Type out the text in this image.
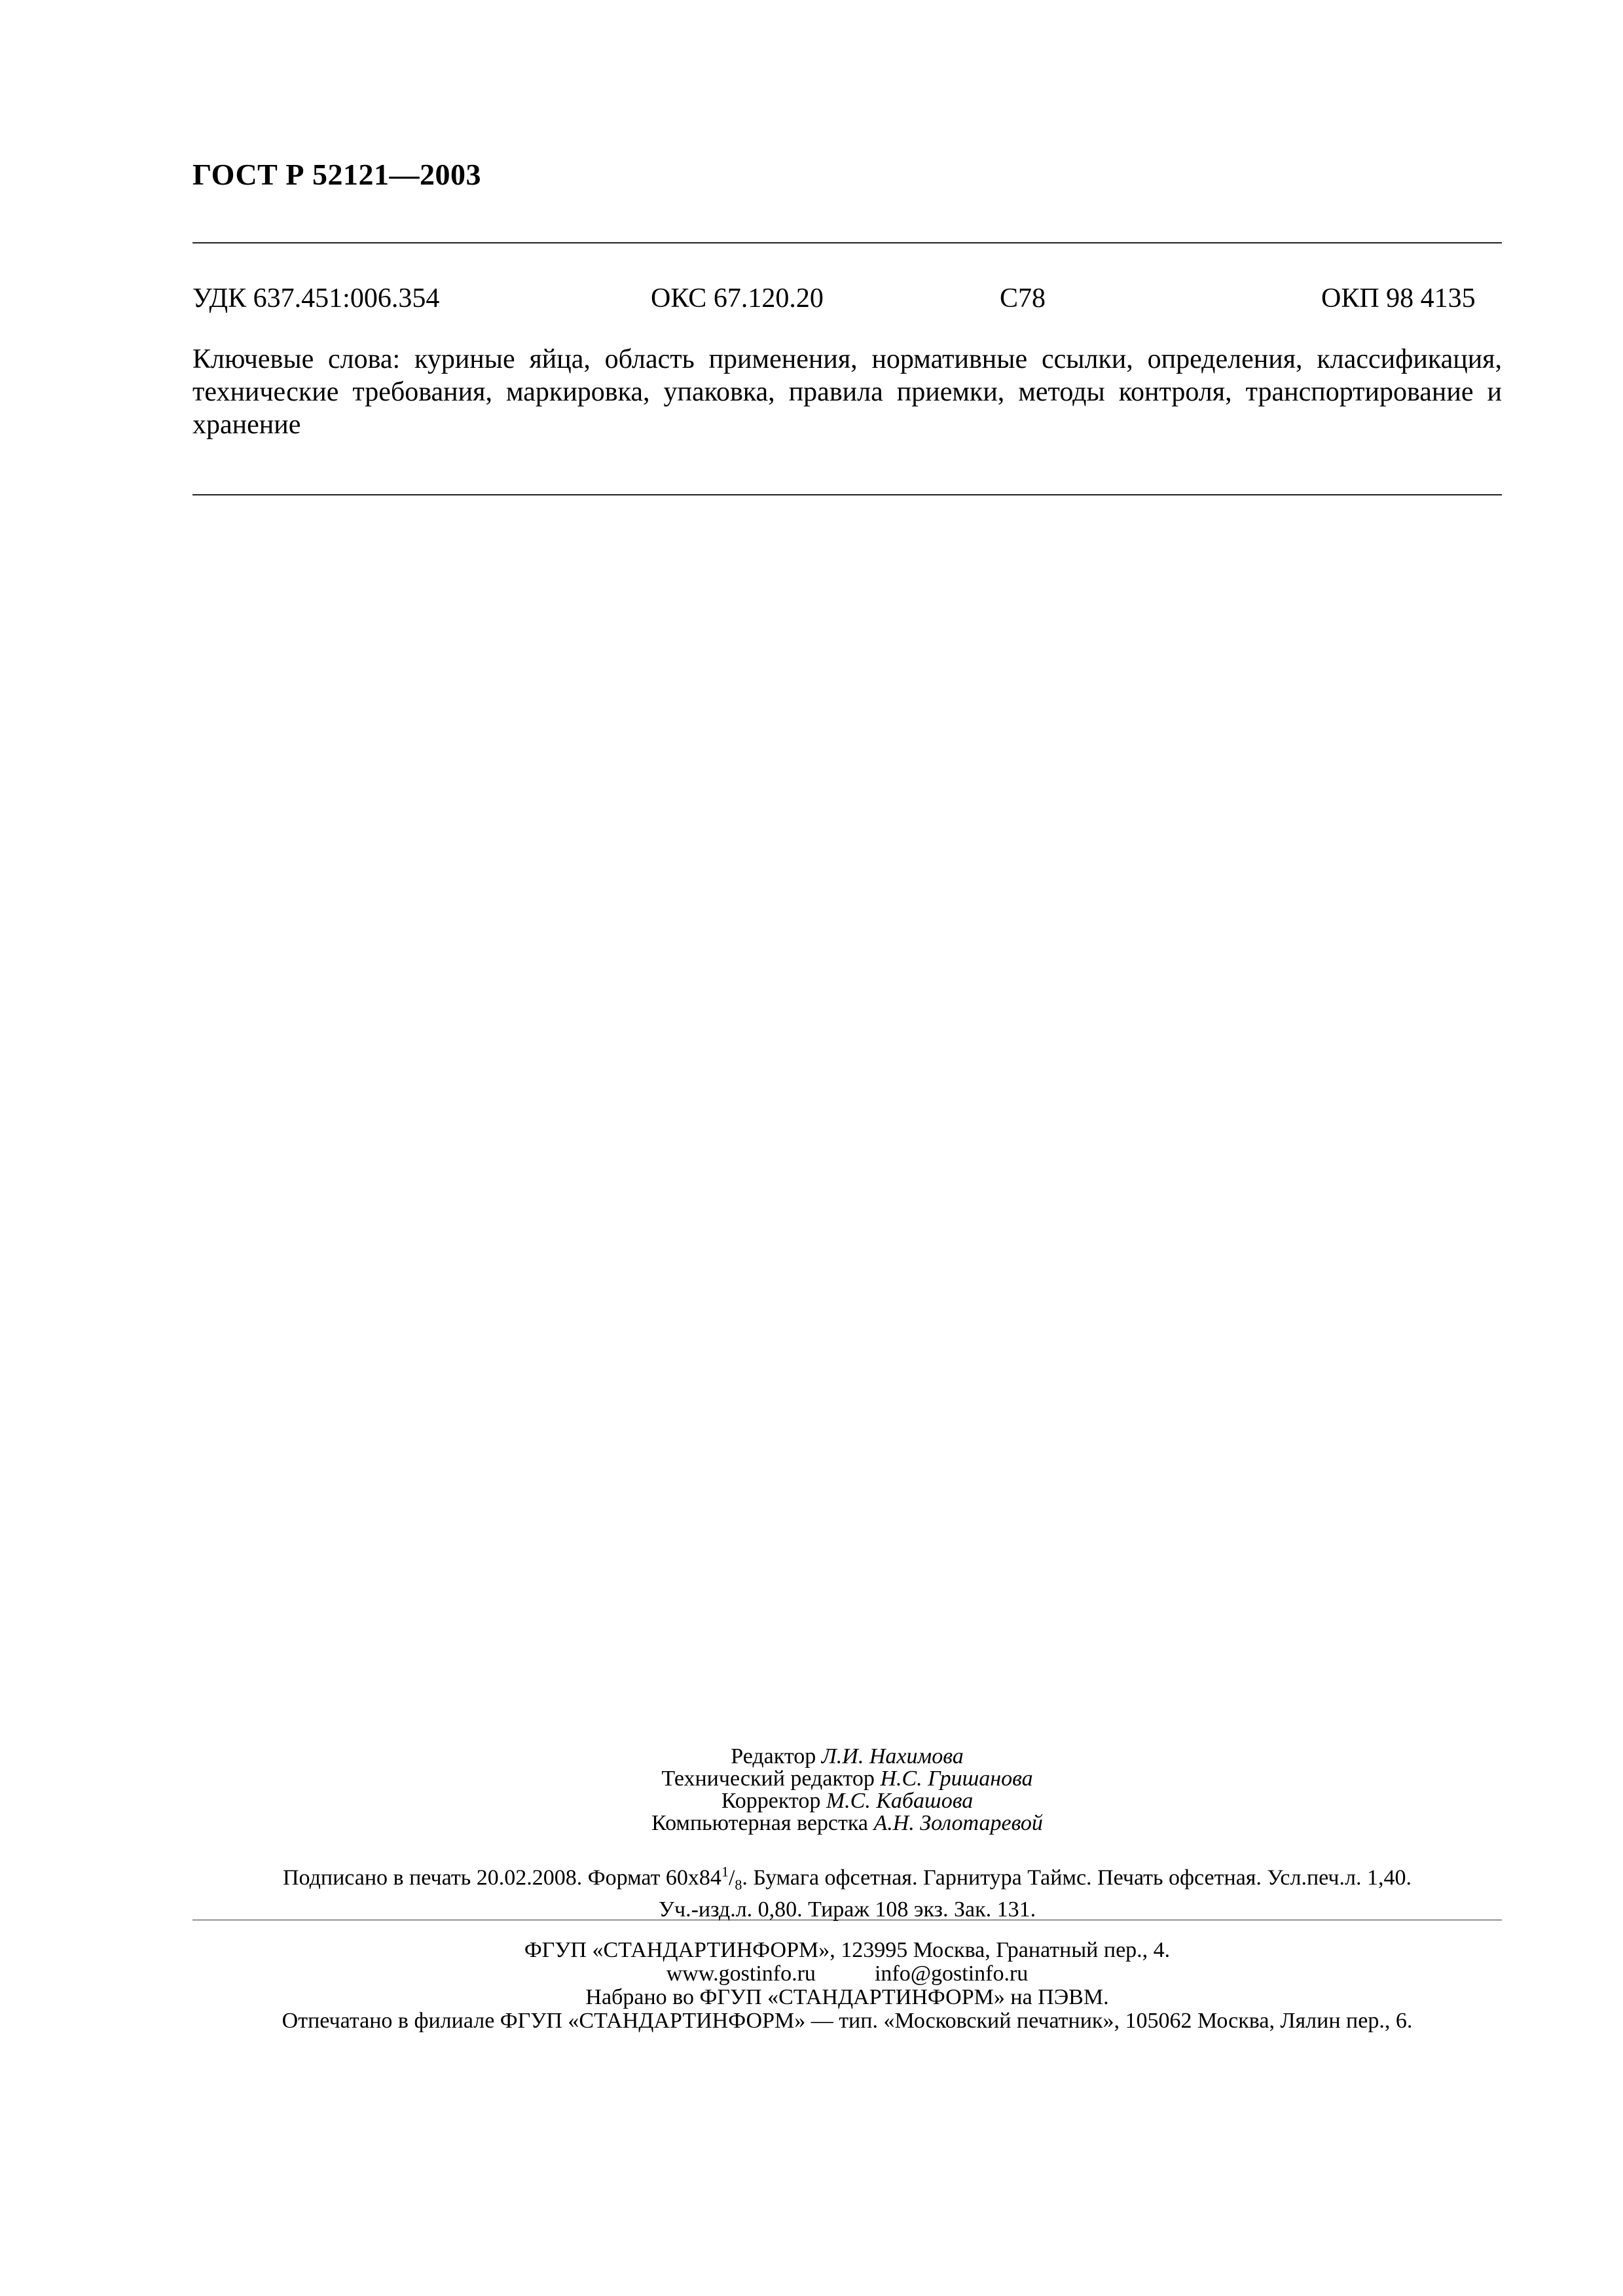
ГОСТ Р 52121—2003
УДК 637.451:006.354	ОКС 67.120.20	С78	ОКП 98 4135
Ключевые слова: куриные яйца, область применения, нормативные ссылки, определения, классификация, технические требования, маркировка, упаковка, правила приемки, методы контроля, транспортирование и хранение
Редактор Л.И. Нахимова
Технический редактор Н.С. Гришанова
Корректор М.С. Кабашова
Компьютерная верстка А.Н. Золотаревой
Подписано в печать 20.02.2008. Формат $60х84^1/_8$. Бумага офсетная. Гарнитура Таймс. Печать офсетная. Усл.печ.л. 1,40.
Уч.-изд.л. 0,80. Тираж 108 экз. Зак. 131.
ФГУП «СТАНДАРТИНФОРМ», 123995 Москва, Гранатный пер., 4.
www.gostinfo.ru	info@gostinfo.ru
Набрано во ФГУП «СТАНДАРТИНФОРМ» на ПЭВМ.
Отпечатано в филиале ФГУП «СТАНДАРТИНФОРМ» — тип. «Московский печатник», 105062 Москва, Лялин пер., 6.
